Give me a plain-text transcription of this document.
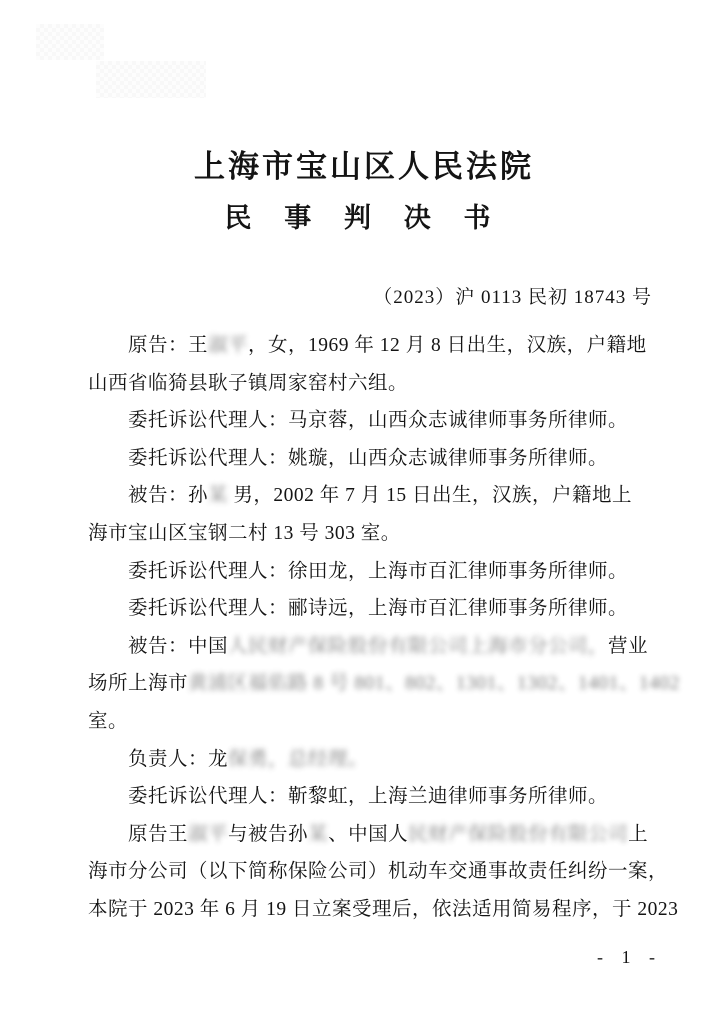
上海市宝山区人民法院
民 事 判 决 书
（2023）沪 0113 民初 18743 号
原告：王淑平，女，1969 年 12 月 8 日出生，汉族，户籍地
山西省临猗县耿子镇周家窑村六组。
委托诉讼代理人：马京蓉，山西众志诚律师事务所律师。
委托诉讼代理人：姚璇，山西众志诚律师事务所律师。
被告：孙某 男，2002 年 7 月 15 日出生，汉族，户籍地上
海市宝山区宝钢二村 13 号 303 室。
委托诉讼代理人：徐田龙，上海市百汇律师事务所律师。
委托诉讼代理人：郦诗远，上海市百汇律师事务所律师。
被告：中国人民财产保险股份有限公司上海市分公司，营业
场所上海市黄浦区福佑路 8 号 801、802、1301、1302、1401、1402
室。
负责人：龙保勇，总经理。
委托诉讼代理人：靳黎虹，上海兰迪律师事务所律师。
原告王淑平与被告孙某、中国人民财产保险股份有限公司上
海市分公司（以下简称保险公司）机动车交通事故责任纠纷一案，
本院于 2023 年 6 月 19 日立案受理后，依法适用简易程序，于 2023
- 1 -
